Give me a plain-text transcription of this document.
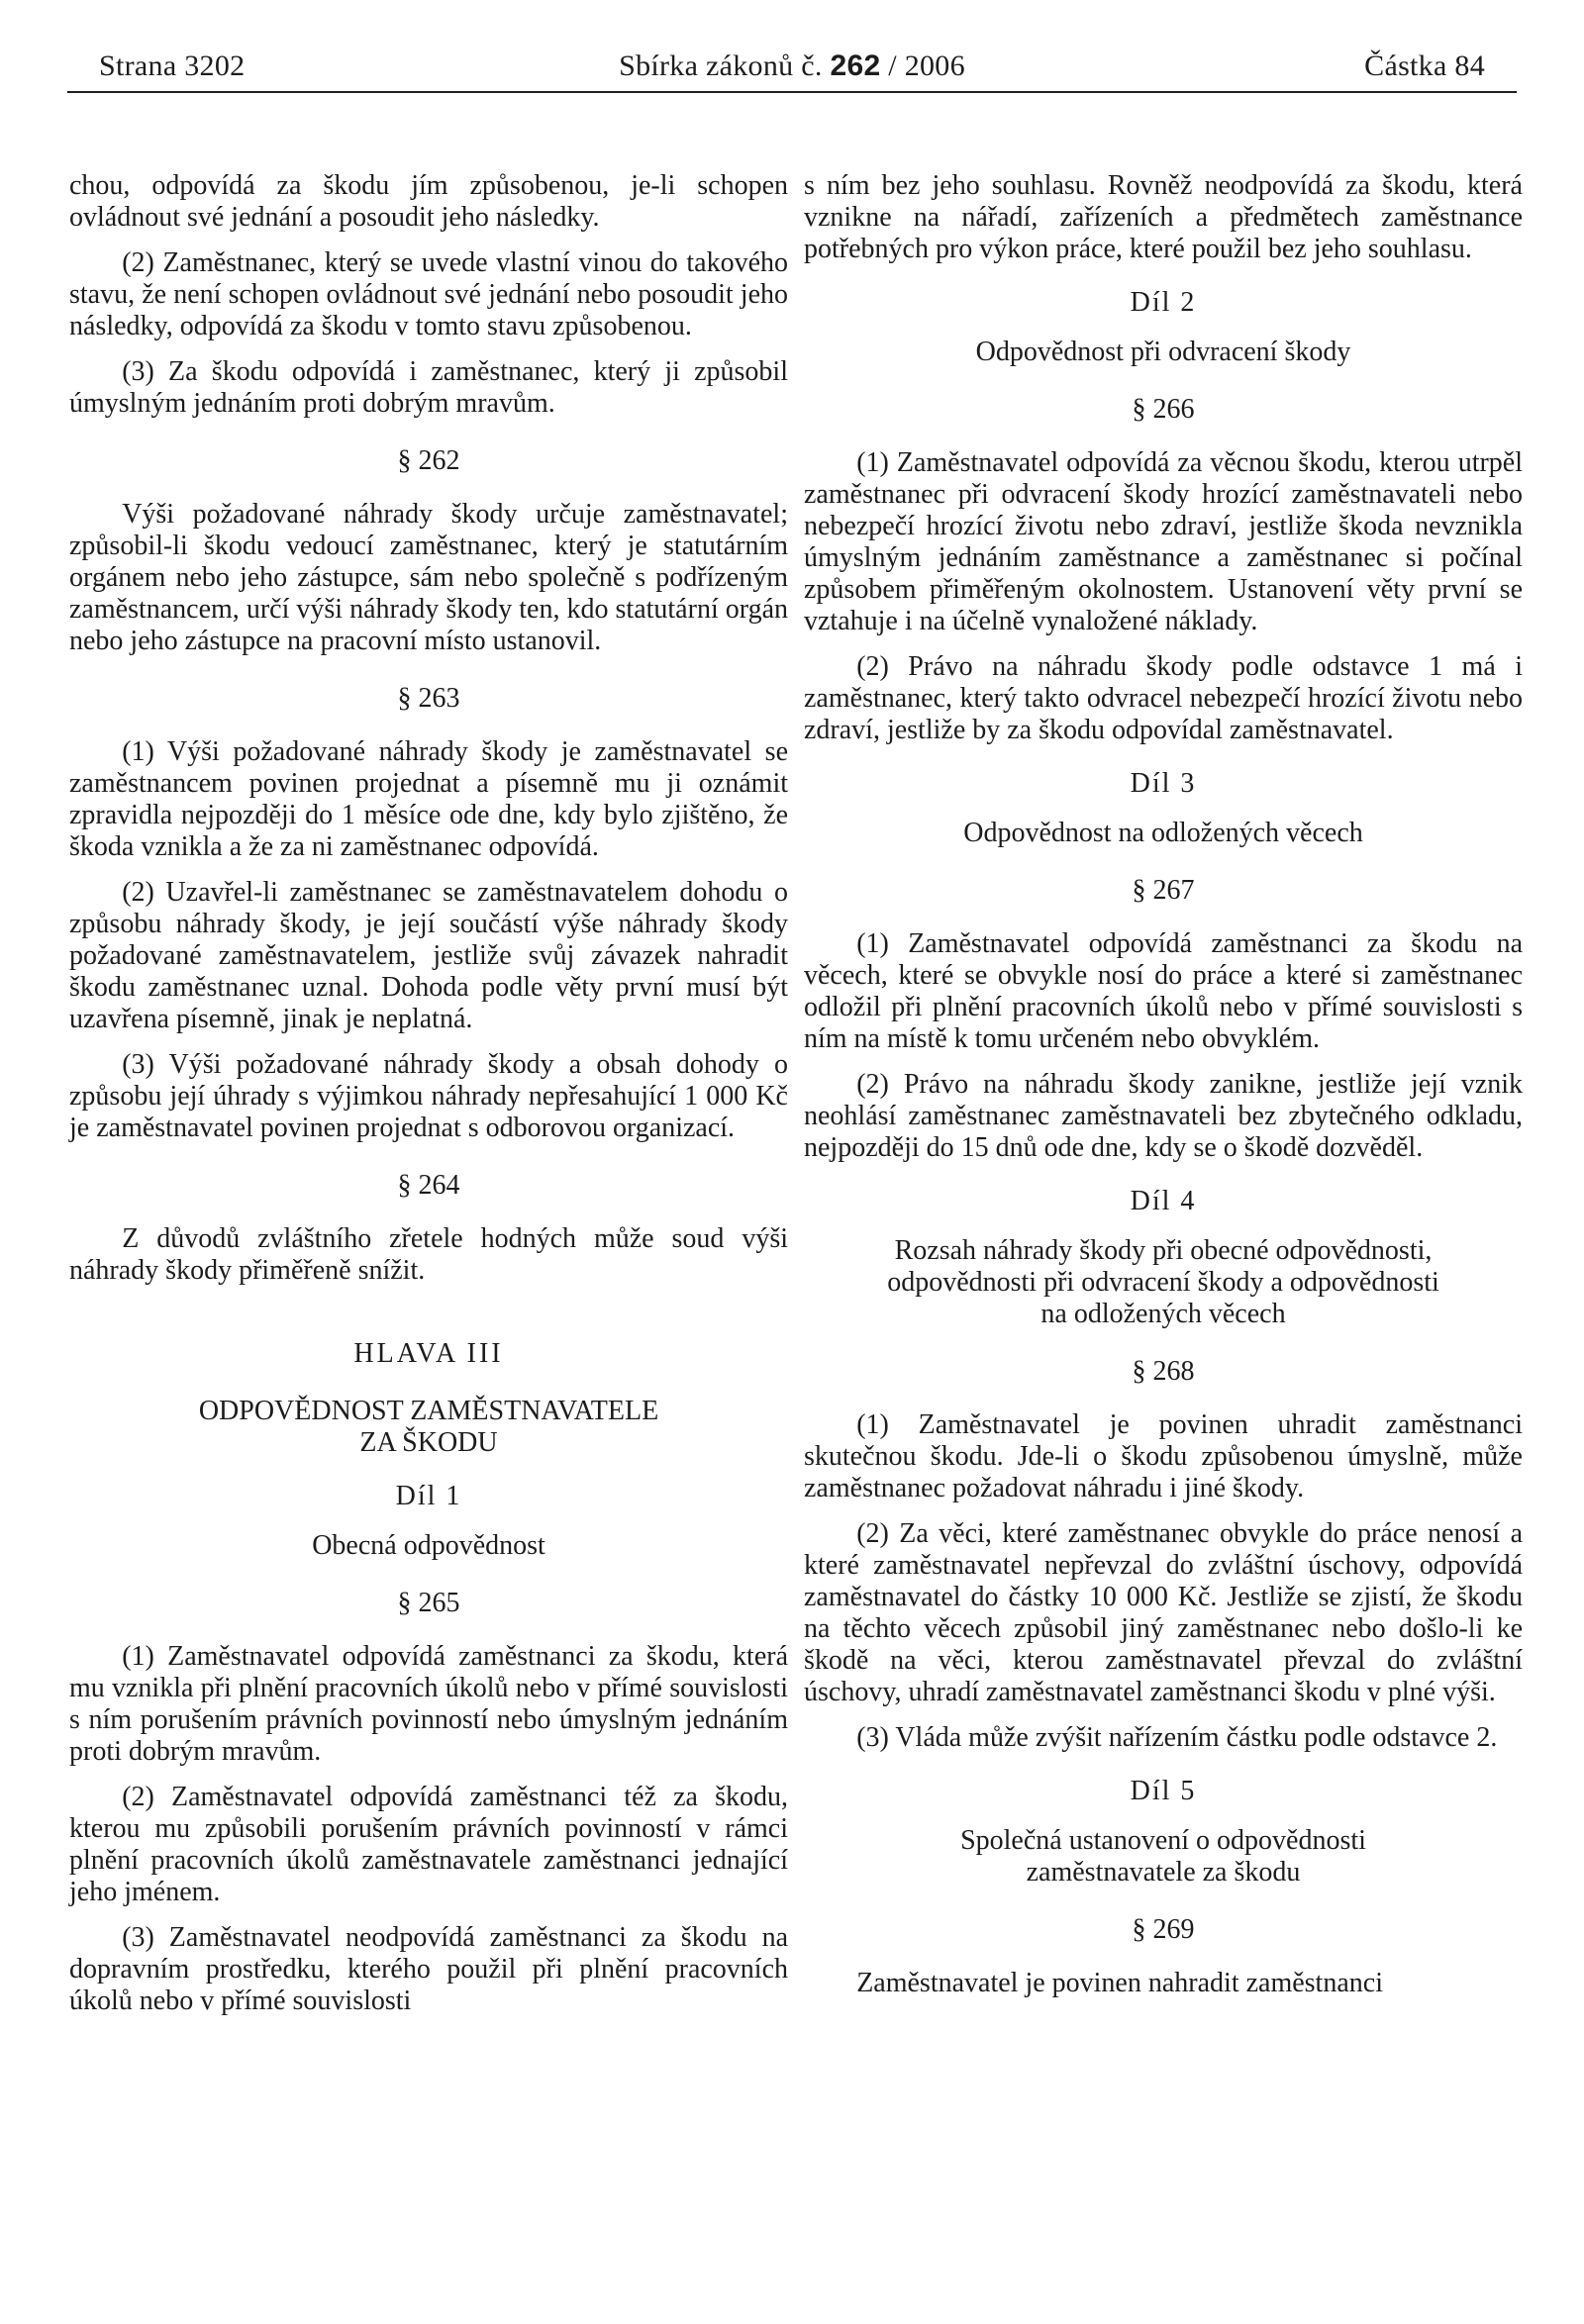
Strana 3202	Sbírka zákonů č. 262 / 2006	Částka 84

chou, odpovídá za škodu jím způsobenou, je-li schopen ovládnout své jednání a posoudit jeho následky.

(2) Zaměstnanec, který se uvede vlastní vinou do takového stavu, že není schopen ovládnout své jednání nebo posoudit jeho následky, odpovídá za škodu v tomto stavu způsobenou.

(3) Za škodu odpovídá i zaměstnanec, který ji způsobil úmyslným jednáním proti dobrým mravům.

§ 262

Výši požadované náhrady škody určuje zaměstnavatel; způsobil-li škodu vedoucí zaměstnanec, který je statutárním orgánem nebo jeho zástupce, sám nebo společně s podřízeným zaměstnancem, určí výši náhrady škody ten, kdo statutární orgán nebo jeho zástupce na pracovní místo ustanovil.

§ 263

(1) Výši požadované náhrady škody je zaměstnavatel se zaměstnancem povinen projednat a písemně mu ji oznámit zpravidla nejpozději do 1 měsíce ode dne, kdy bylo zjištěno, že škoda vznikla a že za ni zaměstnanec odpovídá.

(2) Uzavřel-li zaměstnanec se zaměstnavatelem dohodu o způsobu náhrady škody, je její součástí výše náhrady škody požadované zaměstnavatelem, jestliže svůj závazek nahradit škodu zaměstnanec uznal. Dohoda podle věty první musí být uzavřena písemně, jinak je neplatná.

(3) Výši požadované náhrady škody a obsah dohody o způsobu její úhrady s výjimkou náhrady nepřesahující 1 000 Kč je zaměstnavatel povinen projednat s odborovou organizací.

§ 264

Z důvodů zvláštního zřetele hodných může soud výši náhrady škody přiměřeně snížit.

HLAVA III
ODPOVĚDNOST ZAMĚSTNAVATELE
ZA ŠKODU
Díl 1
Obecná odpovědnost
§ 265

(1) Zaměstnavatel odpovídá zaměstnanci za škodu, která mu vznikla při plnění pracovních úkolů nebo v přímé souvislosti s ním porušením právních povinností nebo úmyslným jednáním proti dobrým mravům.

(2) Zaměstnavatel odpovídá zaměstnanci též za škodu, kterou mu způsobili porušením právních povinností v rámci plnění pracovních úkolů zaměstnavatele zaměstnanci jednající jeho jménem.

(3) Zaměstnavatel neodpovídá zaměstnanci za škodu na dopravním prostředku, kterého použil při plnění pracovních úkolů nebo v přímé souvislosti

s ním bez jeho souhlasu. Rovněž neodpovídá za škodu, která vznikne na nářadí, zařízeních a předmětech zaměstnance potřebných pro výkon práce, které použil bez jeho souhlasu.

Díl 2
Odpovědnost při odvracení škody
§ 266

(1) Zaměstnavatel odpovídá za věcnou škodu, kterou utrpěl zaměstnanec při odvracení škody hrozící zaměstnavateli nebo nebezpečí hrozící životu nebo zdraví, jestliže škoda nevznikla úmyslným jednáním zaměstnance a zaměstnanec si počínal způsobem přiměřeným okolnostem. Ustanovení věty první se vztahuje i na účelně vynaložené náklady.

(2) Právo na náhradu škody podle odstavce 1 má i zaměstnanec, který takto odvracel nebezpečí hrozící životu nebo zdraví, jestliže by za škodu odpovídal zaměstnavatel.

Díl 3
Odpovědnost na odložených věcech
§ 267

(1) Zaměstnavatel odpovídá zaměstnanci za škodu na věcech, které se obvykle nosí do práce a které si zaměstnanec odložil při plnění pracovních úkolů nebo v přímé souvislosti s ním na místě k tomu určeném nebo obvyklém.

(2) Právo na náhradu škody zanikne, jestliže její vznik neohlásí zaměstnanec zaměstnavateli bez zbytečného odkladu, nejpozději do 15 dnů ode dne, kdy se o škodě dozvěděl.

Díl 4
Rozsah náhrady škody při obecné odpovědnosti,
odpovědnosti při odvracení škody a odpovědnosti
na odložených věcech
§ 268

(1) Zaměstnavatel je povinen uhradit zaměstnanci skutečnou škodu. Jde-li o škodu způsobenou úmyslně, může zaměstnanec požadovat náhradu i jiné škody.

(2) Za věci, které zaměstnanec obvykle do práce nenosí a které zaměstnavatel nepřevzal do zvláštní úschovy, odpovídá zaměstnavatel do částky 10 000 Kč. Jestliže se zjistí, že škodu na těchto věcech způsobil jiný zaměstnanec nebo došlo-li ke škodě na věci, kterou zaměstnavatel převzal do zvláštní úschovy, uhradí zaměstnavatel zaměstnanci škodu v plné výši.

(3) Vláda může zvýšit nařízením částku podle odstavce 2.

Díl 5
Společná ustanovení o odpovědnosti
zaměstnavatele za škodu
§ 269

Zaměstnavatel je povinen nahradit zaměstnanci
